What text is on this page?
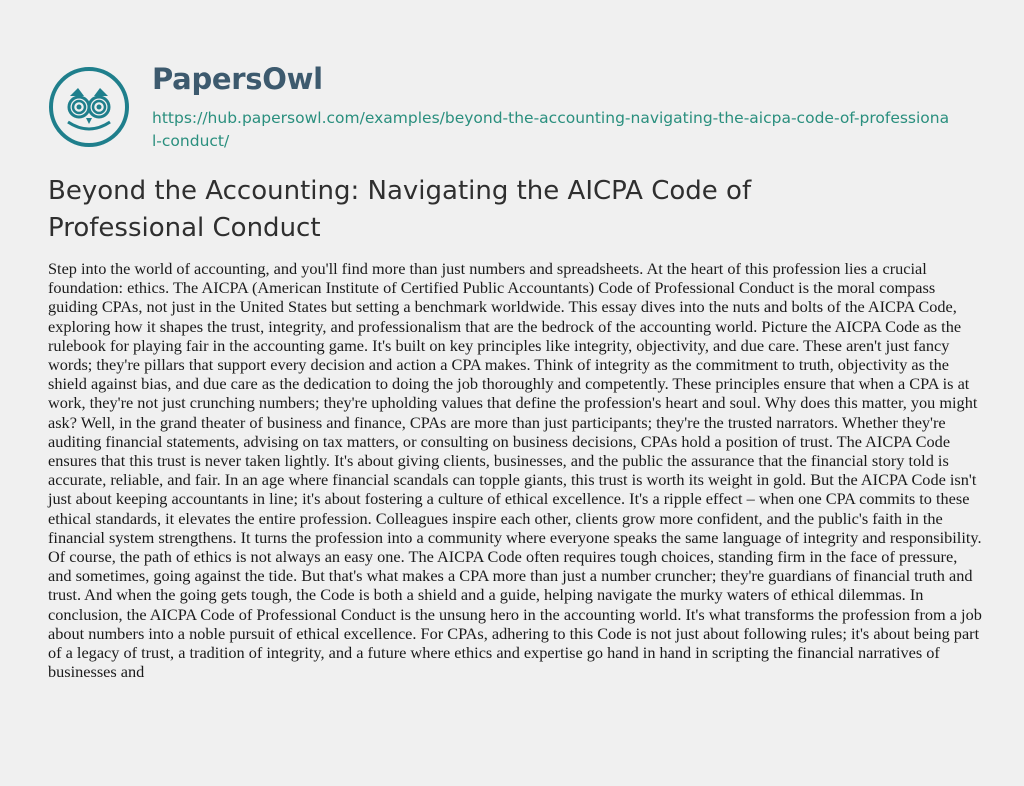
PapersOwl
https://hub.papersowl.com/examples/beyond-the-accounting-navigating-the-aicpa-code-of-professional-conduct/
Beyond the Accounting: Navigating the AICPA Code of Professional Conduct

Step into the world of accounting, and you'll find more than just numbers and spreadsheets. At the heart of this profession lies a crucial foundation: ethics. The AICPA (American Institute of Certified Public Accountants) Code of Professional Conduct is the moral compass guiding CPAs, not just in the United States but setting a benchmark worldwide. This essay dives into the nuts and bolts of the AICPA Code, exploring how it shapes the trust, integrity, and professionalism that are the bedrock of the accounting world. Picture the AICPA Code as the rulebook for playing fair in the accounting game. It's built on key principles like integrity, objectivity, and due care. These aren't just fancy words; they're pillars that support every decision and action a CPA makes. Think of integrity as the commitment to truth, objectivity as the shield against bias, and due care as the dedication to doing the job thoroughly and competently. These principles ensure that when a CPA is at work, they're not just crunching numbers; they're upholding values that define the profession's heart and soul. Why does this matter, you might ask? Well, in the grand theater of business and finance, CPAs are more than just participants; they're the trusted narrators. Whether they're auditing financial statements, advising on tax matters, or consulting on business decisions, CPAs hold a position of trust. The AICPA Code ensures that this trust is never taken lightly. It's about giving clients, businesses, and the public the assurance that the financial story told is accurate, reliable, and fair. In an age where financial scandals can topple giants, this trust is worth its weight in gold. But the AICPA Code isn't just about keeping accountants in line; it's about fostering a culture of ethical excellence. It's a ripple effect – when one CPA commits to these ethical standards, it elevates the entire profession. Colleagues inspire each other, clients grow more confident, and the public's faith in the financial system strengthens. It turns the profession into a community where everyone speaks the same language of integrity and responsibility. Of course, the path of ethics is not always an easy one. The AICPA Code often requires tough choices, standing firm in the face of pressure, and sometimes, going against the tide. But that's what makes a CPA more than just a number cruncher; they're guardians of financial truth and trust. And when the going gets tough, the Code is both a shield and a guide, helping navigate the murky waters of ethical dilemmas. In conclusion, the AICPA Code of Professional Conduct is the unsung hero in the accounting world. It's what transforms the profession from a job about numbers into a noble pursuit of ethical excellence. For CPAs, adhering to this Code is not just about following rules; it's about being part of a legacy of trust, a tradition of integrity, and a future where ethics and expertise go hand in hand in scripting the financial narratives of businesses and
